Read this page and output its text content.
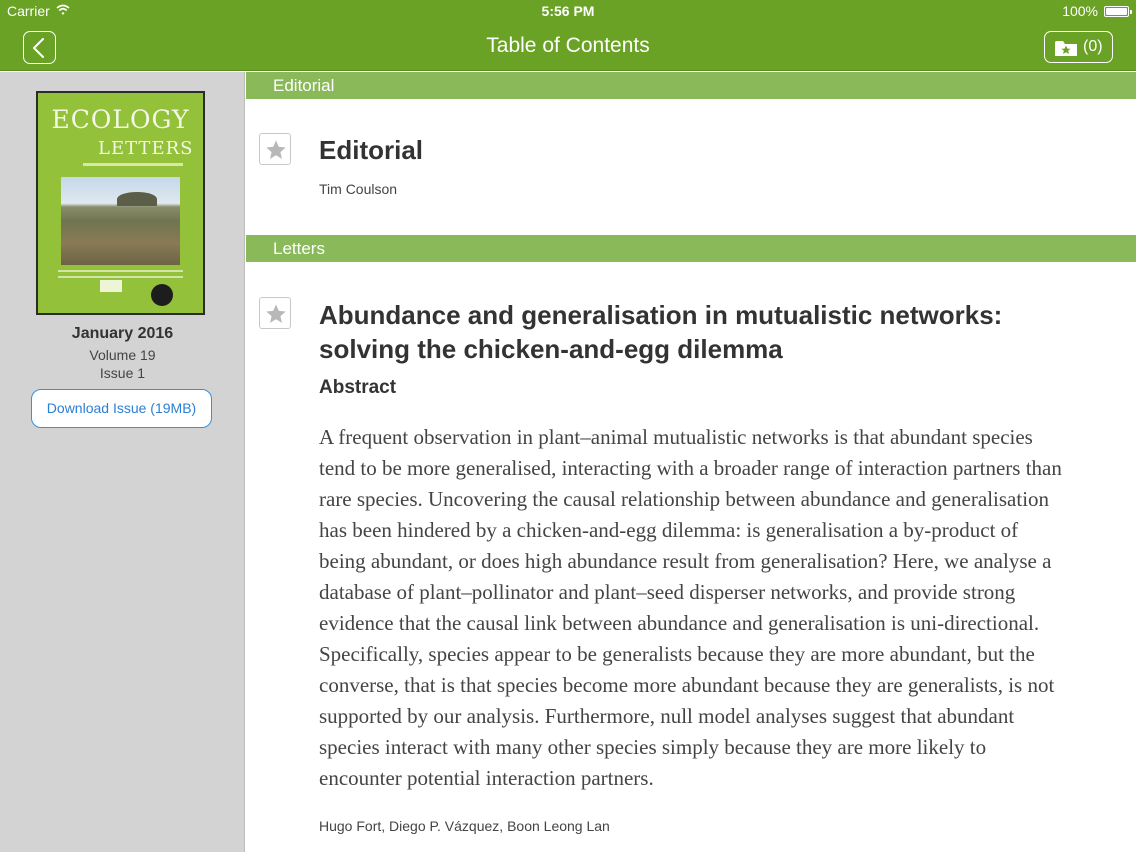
Carrier	5:56 PM	100%
Table of Contents	(0)
ECOLOGY
LETTERS
January 2016
Volume 19
Issue 1
Download Issue (19MB)
Editorial
Editorial
Tim Coulson
Letters
Abundance and generalisation in mutualistic networks:
solving the chicken-and-egg dilemma
Abstract
A frequent observation in plant–animal mutualistic networks is that abundant species
tend to be more generalised, interacting with a broader range of interaction partners than
rare species. Uncovering the causal relationship between abundance and generalisation
has been hindered by a chicken-and-egg dilemma: is generalisation a by-product of
being abundant, or does high abundance result from generalisation? Here, we analyse a
database of plant–pollinator and plant–seed disperser networks, and provide strong
evidence that the causal link between abundance and generalisation is uni-directional.
Specifically, species appear to be generalists because they are more abundant, but the
converse, that is that species become more abundant because they are generalists, is not
supported by our analysis. Furthermore, null model analyses suggest that abundant
species interact with many other species simply because they are more likely to
encounter potential interaction partners.
Hugo Fort, Diego P. Vázquez, Boon Leong Lan
